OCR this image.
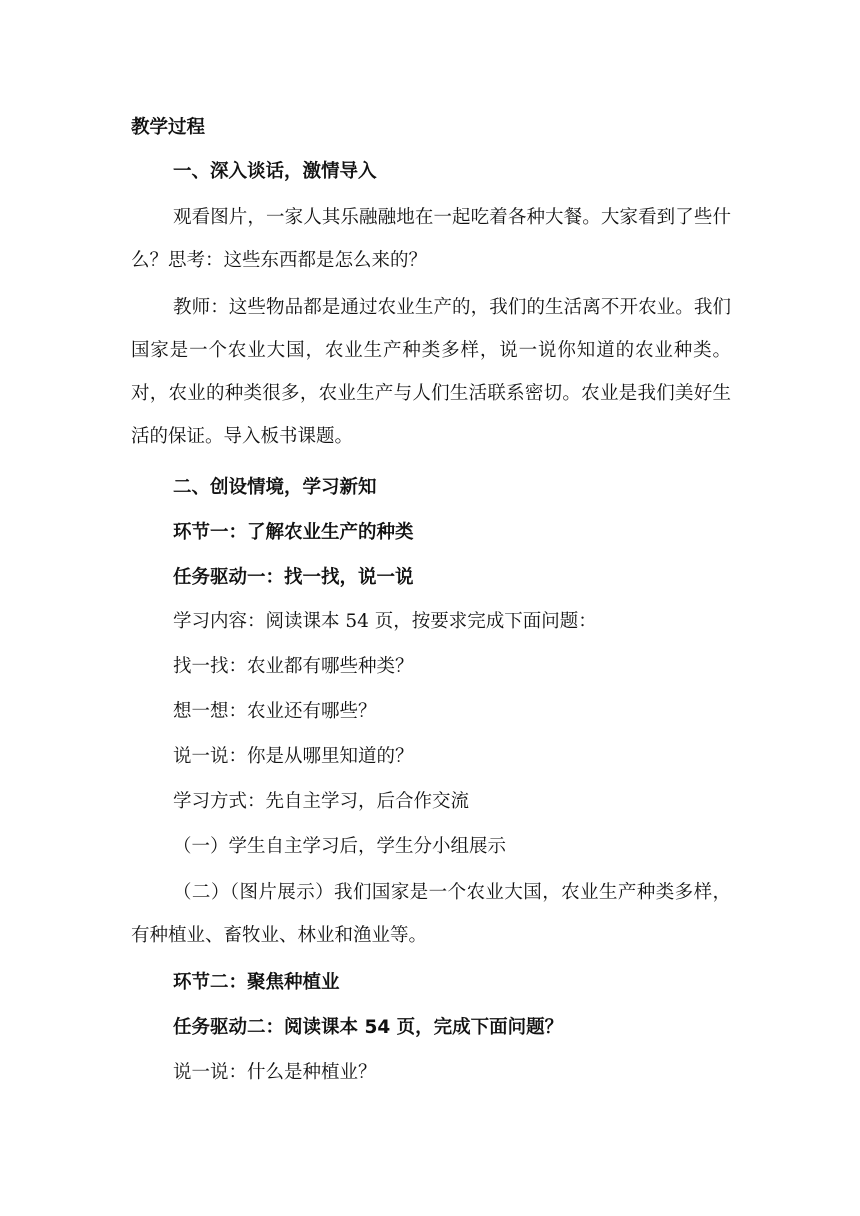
教学过程

一、深入谈话，激情导入

观看图片，一家人其乐融融地在一起吃着各种大餐。大家看到了些什么？思考：这些东西都是怎么来的？

教师：这些物品都是通过农业生产的，我们的生活离不开农业。我们国家是一个农业大国，农业生产种类多样，说一说你知道的农业种类。对，农业的种类很多，农业生产与人们生活联系密切。农业是我们美好生活的保证。导入板书课题。

二、创设情境，学习新知

环节一：了解农业生产的种类

任务驱动一：找一找，说一说

学习内容：阅读课本 54 页，按要求完成下面问题：

找一找：农业都有哪些种类？

想一想：农业还有哪些？

说一说：你是从哪里知道的？

学习方式：先自主学习，后合作交流

（一）学生自主学习后，学生分小组展示

（二）（图片展示）我们国家是一个农业大国，农业生产种类多样，有种植业、畜牧业、林业和渔业等。

环节二：聚焦种植业

任务驱动二：阅读课本 54 页，完成下面问题？

说一说：什么是种植业？
